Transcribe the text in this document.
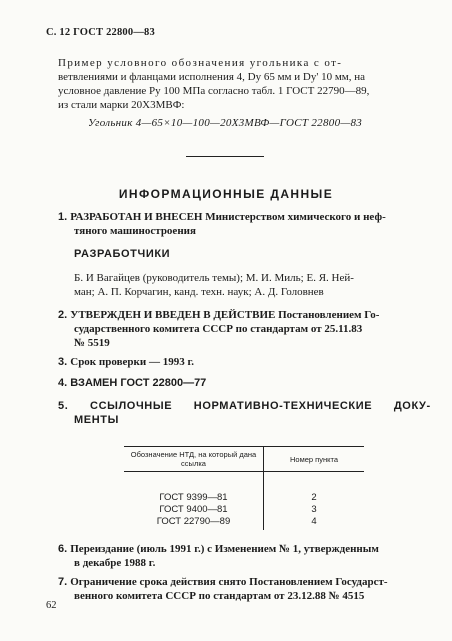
С. 12 ГОСТ 22800—83
Пример условного обозначения угольника с от-
ветвлениями и фланцами исполнения 4, Dу 65 мм и Dу' 10 мм, на
условное давление Pу 100 МПа согласно табл. 1 ГОСТ 22790—89,
из стали марки 20Х3МВФ:
Угольник 4—65×10—100—20Х3МВФ—ГОСТ 22800—83
ИНФОРМАЦИОННЫЕ ДАННЫЕ
1. РАЗРАБОТАН И ВНЕСЕН Министерством химического и неф-
тяного машиностроения
РАЗРАБОТЧИКИ
Б. И Вагайцев (руководитель темы); М. И. Миль; Е. Я. Ней-
ман; А. П. Корчагин, канд. техн. наук; А. Д. Головнев
2. УТВЕРЖДЕН И ВВЕДЕН В ДЕЙСТВИЕ Постановлением Го-
сударственного комитета СССР по стандартам от 25.11.83
№ 5519
3. Срок проверки — 1993 г.
4. ВЗАМЕН ГОСТ 22800—77
5. ССЫЛОЧНЫЕ НОРМАТИВНО-ТЕХНИЧЕСКИЕ ДОКУ-
МЕНТЫ
Обозначение НТД, на который дана ссылка	Номер пункта
ГОСТ 9399—81	2
ГОСТ 9400—81	3
ГОСТ 22790—89	4
6. Переиздание (июль 1991 г.) с Изменением № 1, утвержденным
в декабре 1988 г.
7. Ограничение срока действия снято Постановлением Государст-
венного комитета СССР по стандартам от 23.12.88 № 4515
62
